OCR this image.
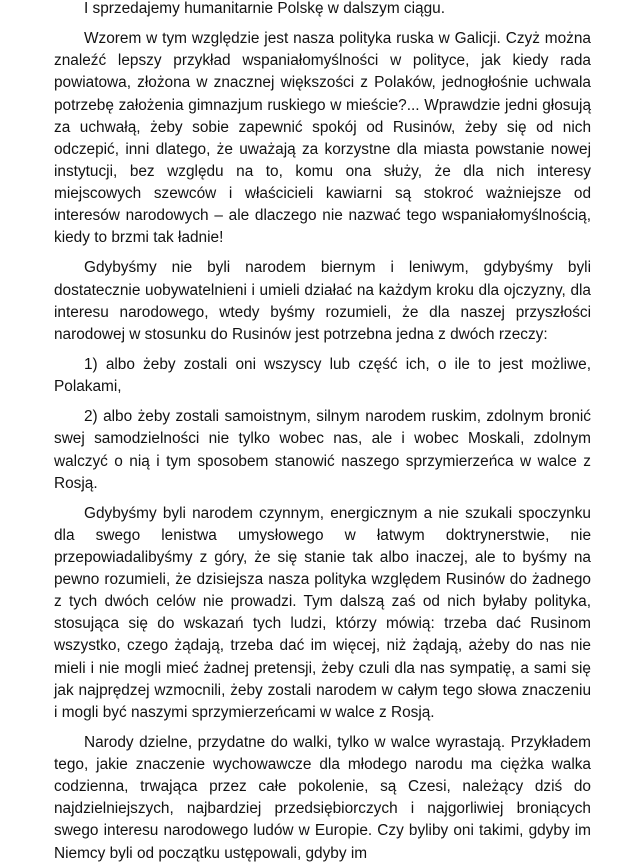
I sprzedajemy humanitarnie Polskę w dalszym ciągu.

Wzorem w tym względzie jest nasza polityka ruska w Galicji. Czyż można znaleźć lepszy przykład wspaniałomyślności w polityce, jak kiedy rada powiatowa, złożona w znacznej większości z Polaków, jednogłośnie uchwala potrzebę założenia gimnazjum ruskiego w mieście?... Wprawdzie jedni głosują za uchwałą, żeby sobie zapewnić spokój od Rusinów, żeby się od nich odczepić, inni dlatego, że uważają za korzystne dla miasta powstanie nowej instytucji, bez względu na to, komu ona służy, że dla nich interesy miejscowych szewców i właścicieli kawiarni są stokroć ważniejsze od interesów narodowych – ale dlaczego nie nazwać tego wspaniałomyślnością, kiedy to brzmi tak ładnie!

Gdybyśmy nie byli narodem biernym i leniwym, gdybyśmy byli dostatecznie uobywatelnieni i umieli działać na każdym kroku dla ojczyzny, dla interesu narodowego, wtedy byśmy rozumieli, że dla naszej przyszłości narodowej w stosunku do Rusinów jest potrzebna jedna z dwóch rzeczy:

1) albo żeby zostali oni wszyscy lub część ich, o ile to jest możliwe, Polakami,

2) albo żeby zostali samoistnym, silnym narodem ruskim, zdolnym bronić swej samodzielności nie tylko wobec nas, ale i wobec Moskali, zdolnym walczyć o nią i tym sposobem stanowić naszego sprzymierzeńca w walce z Rosją.

Gdybyśmy byli narodem czynnym, energicznym a nie szukali spoczynku dla swego lenistwa umysłowego w łatwym doktrynerstwie, nie przepowiadalibyśmy z góry, że się stanie tak albo inaczej, ale to byśmy na pewno rozumieli, że dzisiejsza nasza polityka względem Rusinów do żadnego z tych dwóch celów nie prowadzi. Tym dalszą zaś od nich byłaby polityka, stosująca się do wskazań tych ludzi, którzy mówią: trzeba dać Rusinom wszystko, czego żądają, trzeba dać im więcej, niż żądają, ażeby do nas nie mieli i nie mogli mieć żadnej pretensji, żeby czuli dla nas sympatię, a sami się jak najprędzej wzmocnili, żeby zostali narodem w całym tego słowa znaczeniu i mogli być naszymi sprzymierzeńcami w walce z Rosją.

Narody dzielne, przydatne do walki, tylko w walce wyrastają. Przykładem tego, jakie znaczenie wychowawcze dla młodego narodu ma ciężka walka codzienna, trwająca przez całe pokolenie, są Czesi, należący dziś do najdzielniejszych, najbardziej przedsiębiorczych i najgorliwiej broniących swego interesu narodowego ludów w Europie. Czy byliby oni takimi, gdyby im Niemcy byli od początku ustępowali, gdyby im
